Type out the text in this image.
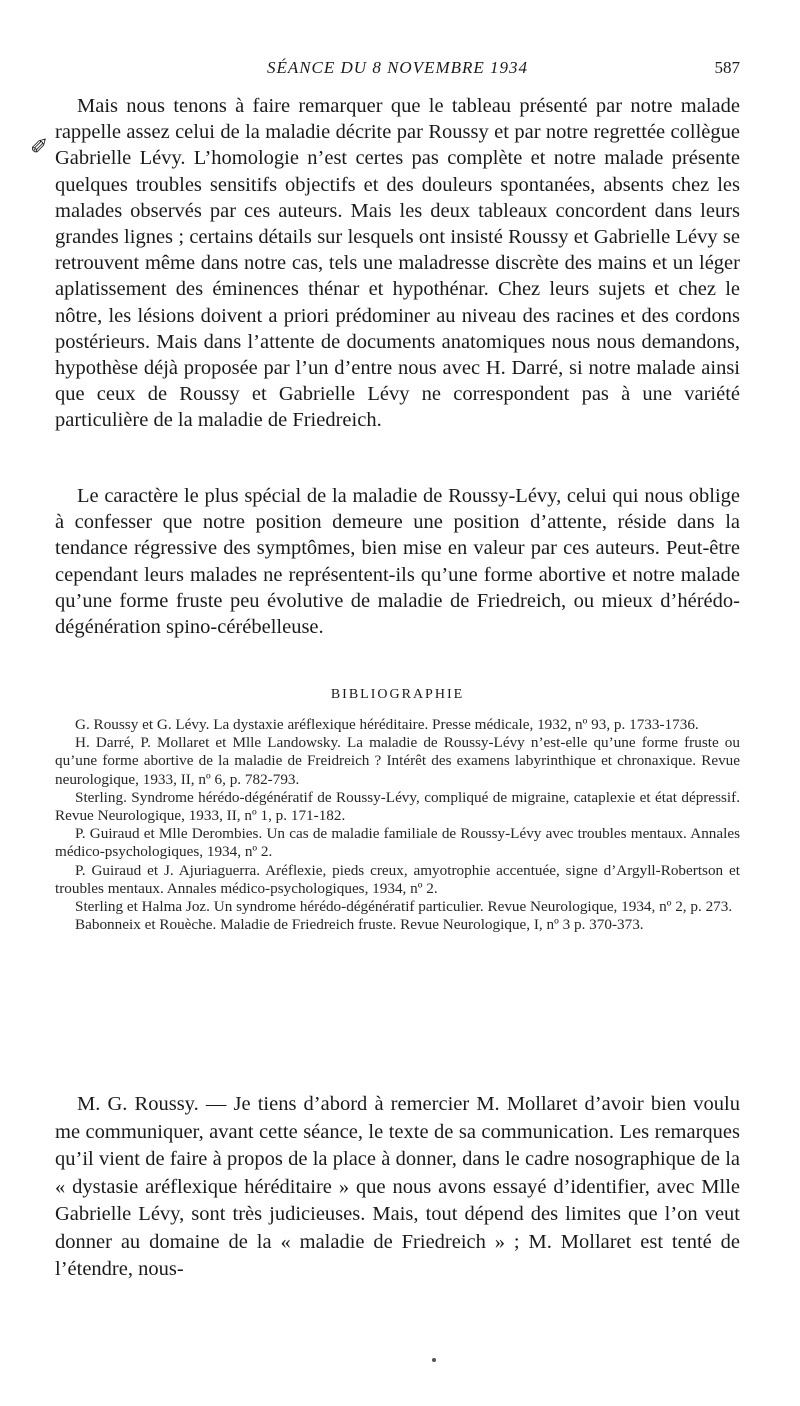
SÉANCE DU 8 NOVEMBRE 1934	587
✐

Mais nous tenons à faire remarquer que le tableau présenté par notre malade rappelle assez celui de la maladie décrite par Roussy et par notre regrettée collègue Gabrielle Lévy. L’homologie n’est certes pas complète et notre malade présente quelques troubles sensitifs objectifs et des douleurs spontanées, absents chez les malades observés par ces auteurs. Mais les deux tableaux concordent dans leurs grandes lignes ; certains détails sur lesquels ont insisté Roussy et Gabrielle Lévy se retrouvent même dans notre cas, tels une maladresse discrète des mains et un léger aplatissement des éminences thénar et hypothénar. Chez leurs sujets et chez le nôtre, les lésions doivent a priori prédominer au niveau des racines et des cordons postérieurs. Mais dans l’attente de documents anatomiques nous nous demandons, hypothèse déjà proposée par l’un d’entre nous avec H. Darré, si notre malade ainsi que ceux de Roussy et Gabrielle Lévy ne correspondent pas à une variété particulière de la maladie de Friedreich.

Le caractère le plus spécial de la maladie de Roussy-Lévy, celui qui nous oblige à confesser que notre position demeure une position d’attente, réside dans la tendance régressive des symptômes, bien mise en valeur par ces auteurs. Peut-être cependant leurs malades ne représentent-ils qu’une forme abortive et notre malade qu’une forme fruste peu évolutive de maladie de Friedreich, ou mieux d’hérédo-dégénération spino-cérébelleuse.

BIBLIOGRAPHIE

G. Roussy et G. Lévy. La dystaxie aréflexique héréditaire. Presse médicale, 1932, nº 93, p. 1733-1736.

H. Darré, P. Mollaret et Mlle Landowsky. La maladie de Roussy-Lévy n’est-elle qu’une forme fruste ou qu’une forme abortive de la maladie de Freidreich ? Intérêt des examens labyrinthique et chronaxique. Revue neurologique, 1933, II, nº 6, p. 782-793.

Sterling. Syndrome hérédo-dégénératif de Roussy-Lévy, compliqué de migraine, cataplexie et état dépressif. Revue Neurologique, 1933, II, nº 1, p. 171-182.

P. Guiraud et Mlle Derombies. Un cas de maladie familiale de Roussy-Lévy avec troubles mentaux. Annales médico-psychologiques, 1934, nº 2.

P. Guiraud et J. Ajuriaguerra. Aréflexie, pieds creux, amyotrophie accentuée, signe d’Argyll-Robertson et troubles mentaux. Annales médico-psychologiques, 1934, nº 2.

Sterling et Halma Joz. Un syndrome hérédo-dégénératif particulier. Revue Neurologique, 1934, nº 2, p. 273.

Babonneix et Rouèche. Maladie de Friedreich fruste. Revue Neurologique, I, nº 3 p. 370-373.

M. G. Roussy. — Je tiens d’abord à remercier M. Mollaret d’avoir bien voulu me communiquer, avant cette séance, le texte de sa communication. Les remarques qu’il vient de faire à propos de la place à donner, dans le cadre nosographique de la « dystasie aréflexique héréditaire » que nous avons essayé d’identifier, avec Mlle Gabrielle Lévy, sont très judicieuses. Mais, tout dépend des limites que l’on veut donner au domaine de la « maladie de Friedreich » ; M. Mollaret est tenté de l’étendre, nous-
